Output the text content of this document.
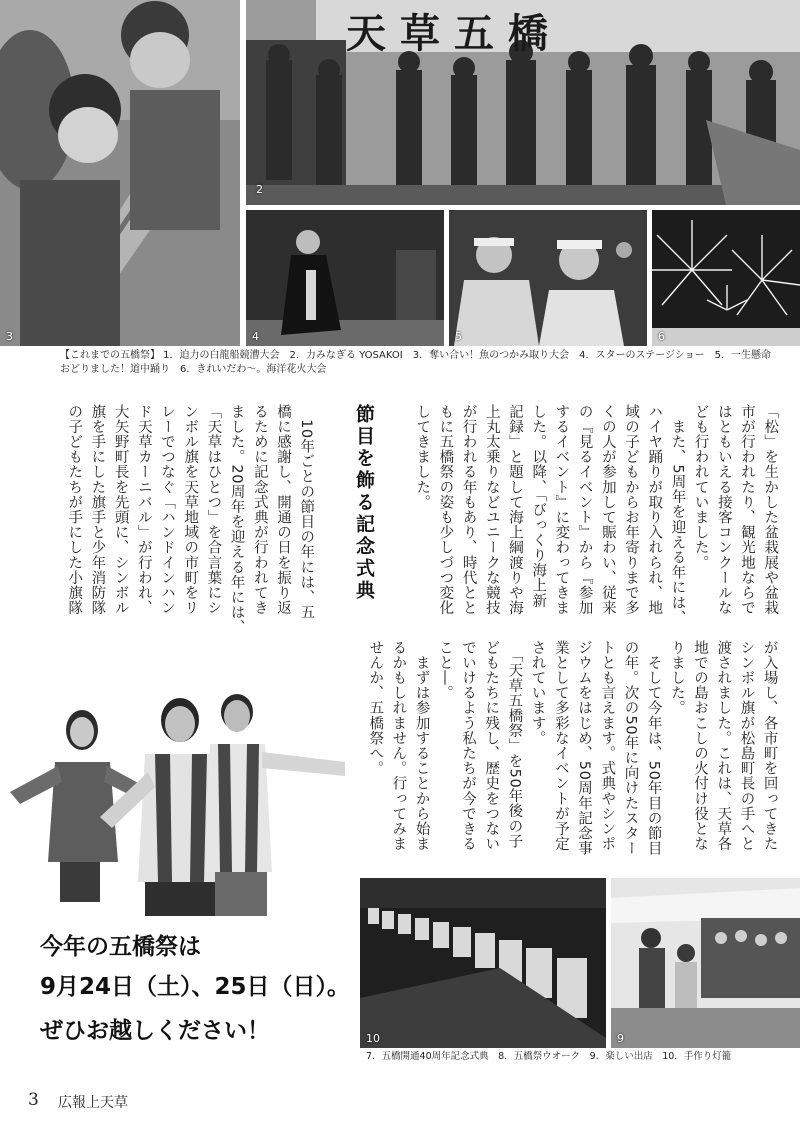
3
天草五橋
4	5	6
2
【これまでの五橋祭】 1．迫力の白龍船競漕大会　2．力みなぎる YOSAKOI　3．奪い合い！魚のつかみ取り大会　4．スターのステージショー　5．一生懸命
おどりました！道中踊り　6．きれいだわ～。海洋花火大会
「松」を生かした盆栽展や盆栽
市が行われたり、観光地ならで
はともいえる接客コンクールな
ども行われていました。
　また、5周年を迎える年には、
ハイヤ踊りが取り入れられ、地
域の子どもからお年寄りまで多
くの人が参加して賑わい、従来
の『見るイベント』から『参加
するイベント』に変わってきま
した。以降、「びっくり海上新
記録」と題して海上綱渡りや海
上丸太乗りなどユニークな競技
が行われる年もあり、時代とと
もに五橋祭の姿も少しづつ変化
してきました。
節目を飾る記念式典
　10年ごとの節目の年には、五
橋に感謝し、開通の日を振り返
るために記念式典が行われてき
ました。20周年を迎える年には、
「天草はひとつ」を合言葉にシ
ンボル旗を天草地域の市町をリ
レーでつなぐ「ハンドインハン
ド天草カーニバル」が行われ、
大矢野町長を先頭に、シンボル
旗を手にした旗手と少年消防隊
の子どもたちが手にした小旗隊
が入場し、各市町を回ってきた
シンボル旗が松島町長の手へと
渡されました。これは、天草各
地での島おこしの火付け役とな
りました。
　そして今年は、50年目の節目
の年。次の50年に向けたスター
トとも言えます。式典やシンポ
ジウムをはじめ、50周年記念事
業として多彩なイベントが予定
されています。
　「天草五橋祭」を50年後の子
どもたちに残し、歴史をつない
でいけるよう私たちが今できる
こと―。
　まずは参加することから始ま
るかもしれません。行ってみま
せんか、五橋祭へ。
今年の五橋祭は
9月24日（土）、25日（日）。
ぜひお越しください！	10	9
7．五橋開通40周年記念式典　8．五橋祭ウオーク　9．楽しい出店　10．手作り灯籠
3 広報上天草
